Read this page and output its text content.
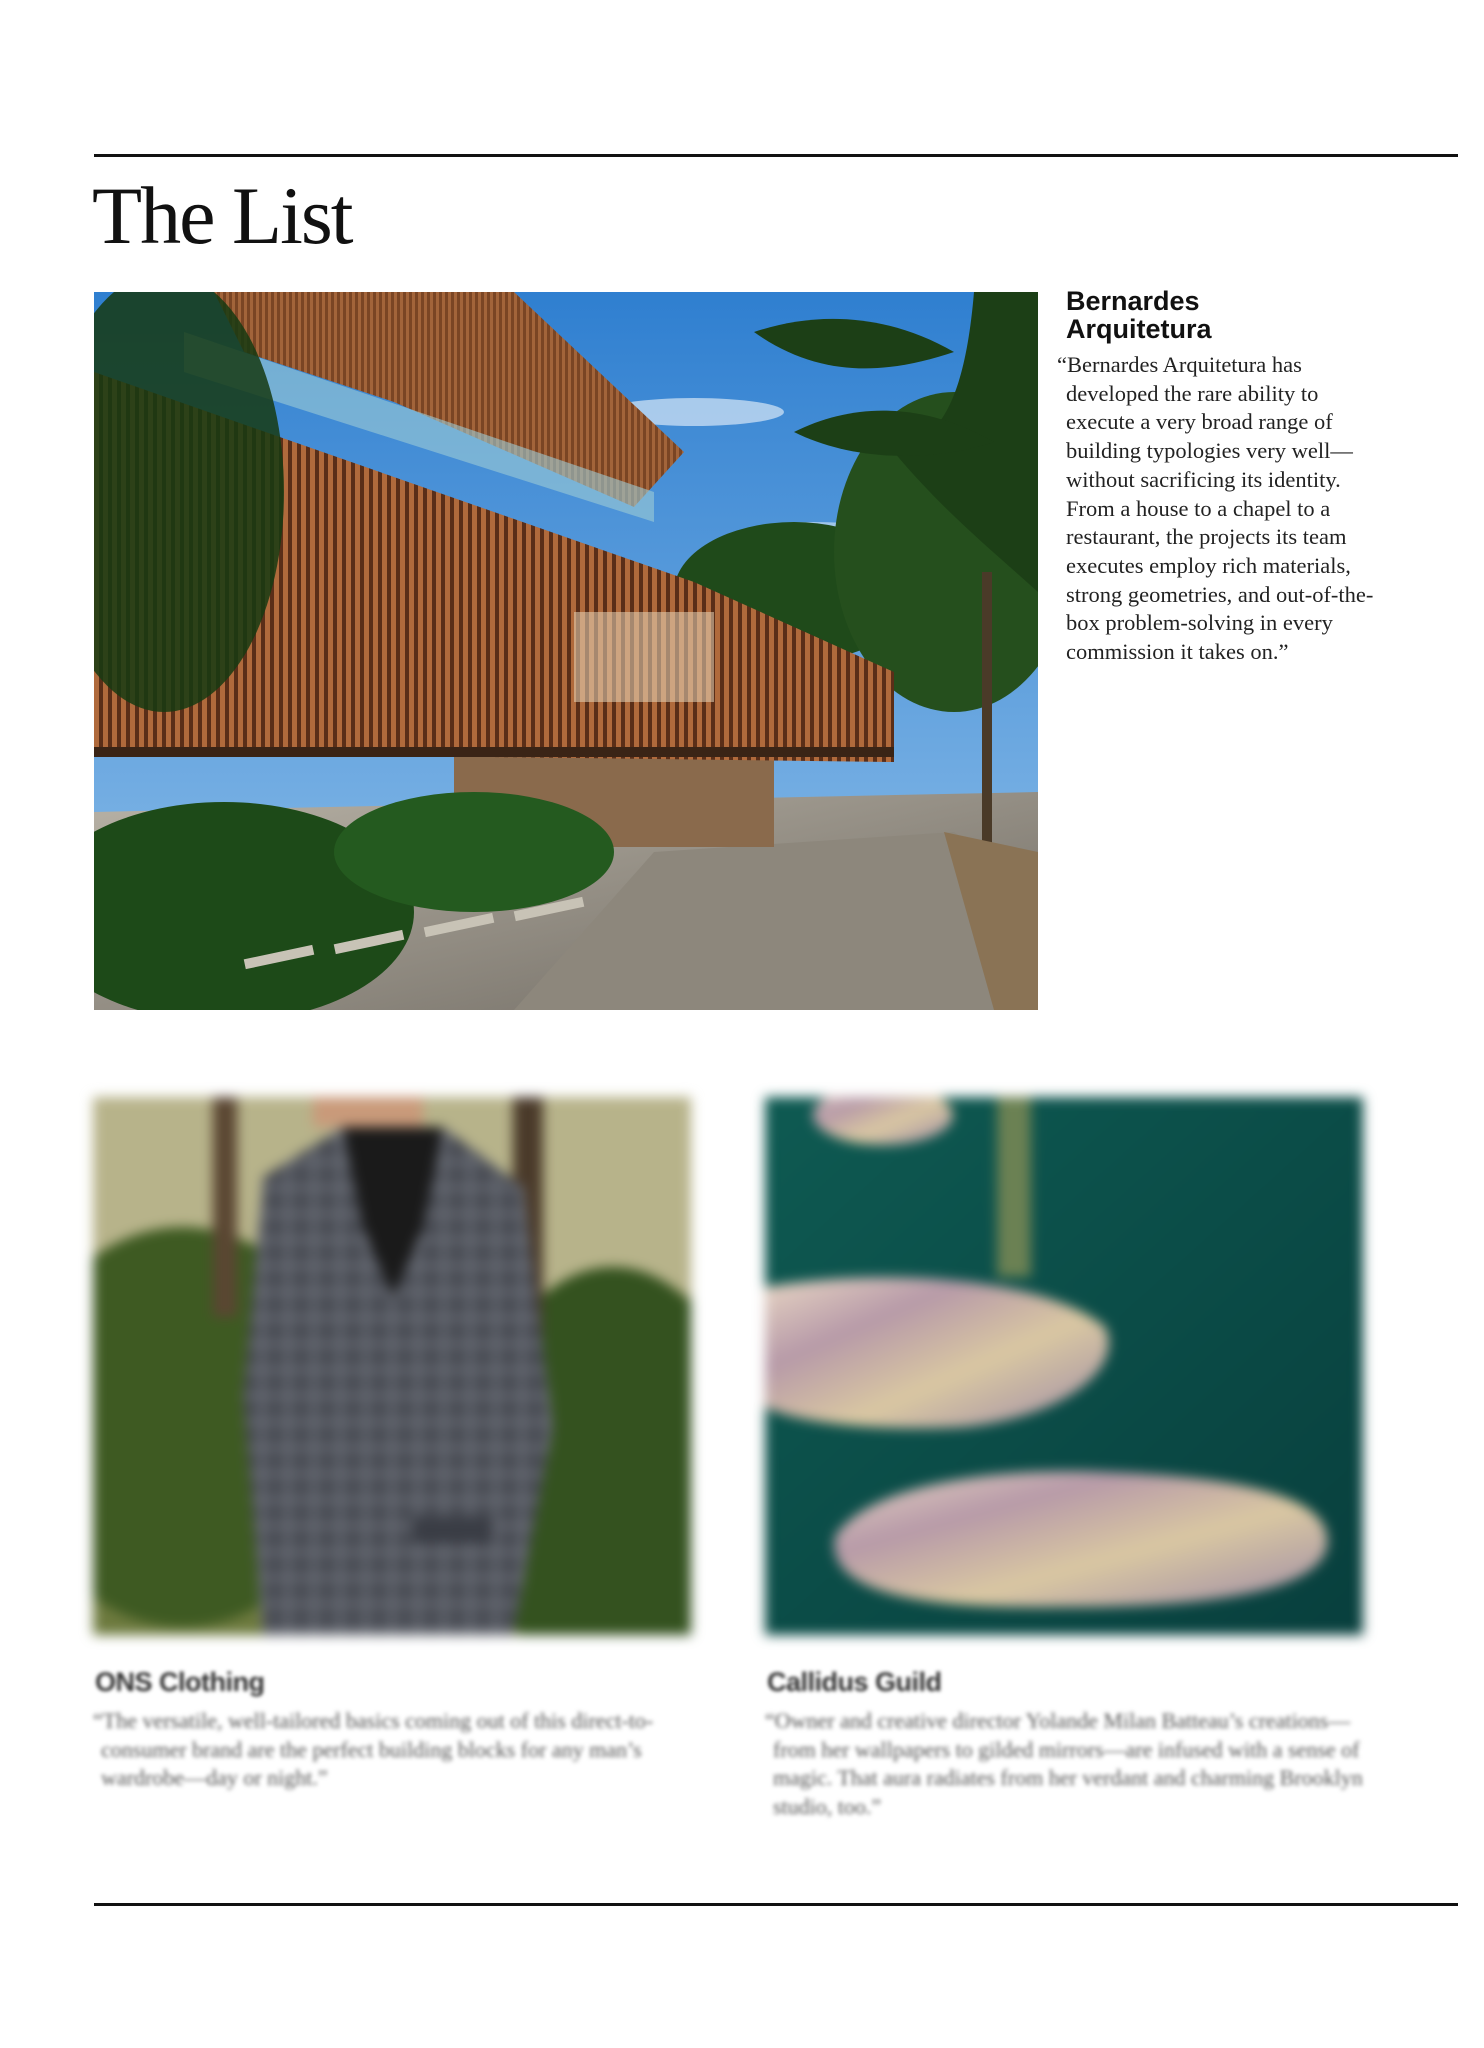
The List
Bernardes
Arquitetura

“Bernardes Arquitetura has developed the rare ability to execute a very broad range of building typologies very well—without sacrificing its identity. From a house to a chapel to a restaurant, the projects its team executes employ rich materials, strong geometries, and out-of-the-box problem-solving in every commission it takes on.”

ONS Clothing

“The versatile, well-tailored basics coming out of this direct-to-consumer brand are the perfect building blocks for any man’s wardrobe—day or night.”

Callidus Guild

“Owner and creative director Yolande Milan Batteau’s creations—from her wallpapers to gilded mirrors—are infused with a sense of magic. That aura radiates from her verdant and charming Brooklyn studio, too.”
